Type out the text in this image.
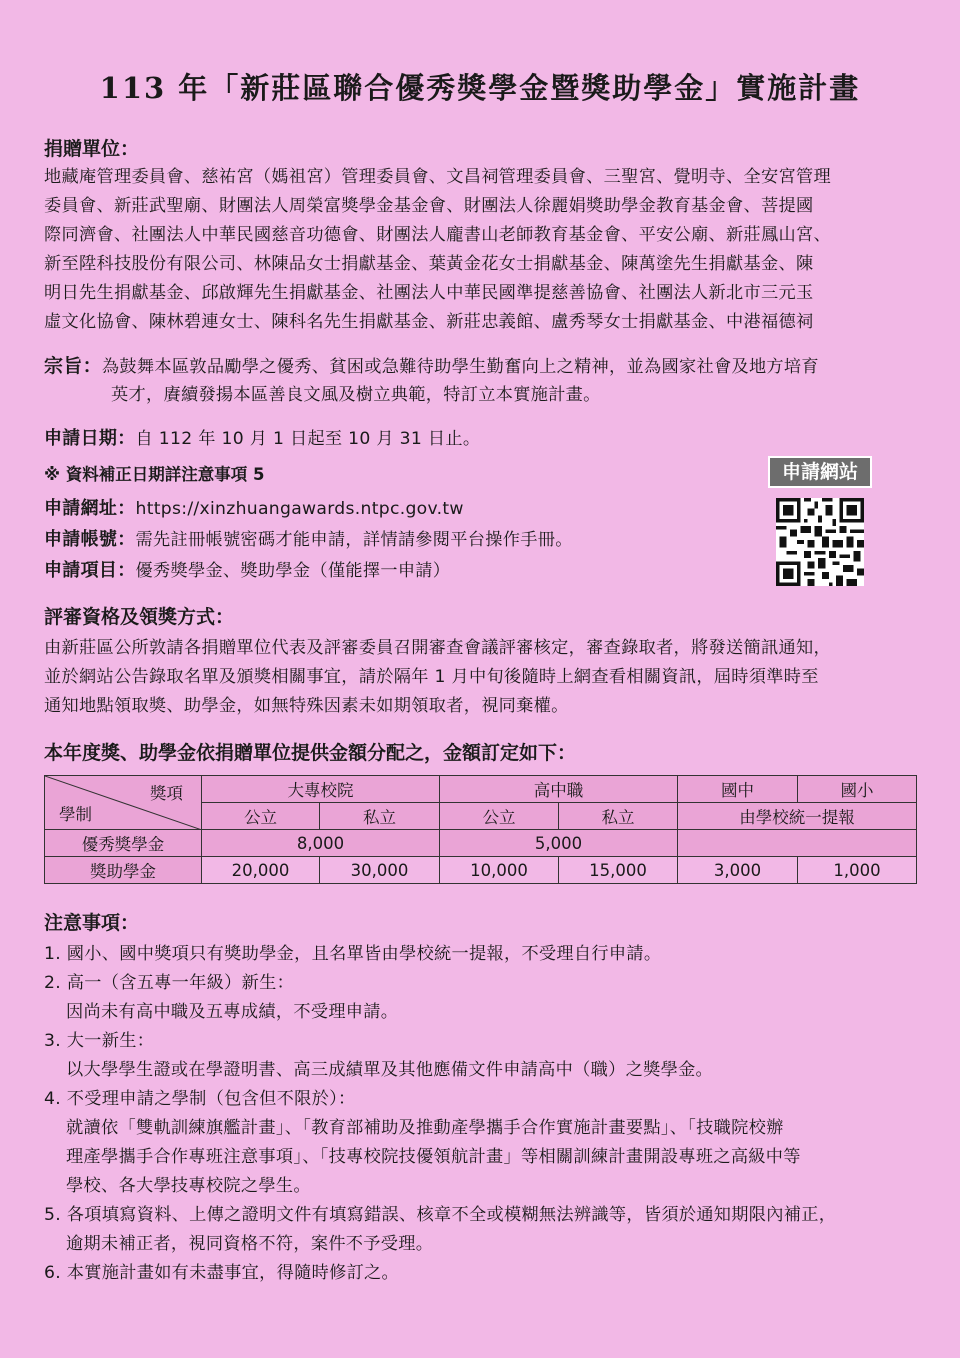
113 年「新莊區聯合優秀獎學金暨獎助學金」實施計畫
捐贈單位：
地藏庵管理委員會、慈祐宮（媽祖宮）管理委員會、文昌祠管理委員會、三聖宮、覺明寺、全安宮管理
委員會、新莊武聖廟、財團法人周榮富獎學金基金會、財團法人徐麗娟獎助學金教育基金會、菩提國
際同濟會、社團法人中華民國慈音功德會、財團法人龐書山老師教育基金會、平安公廟、新莊鳳山宮、
新至陞科技股份有限公司、林陳品女士捐獻基金、葉黃金花女士捐獻基金、陳萬塗先生捐獻基金、陳
明日先生捐獻基金、邱啟輝先生捐獻基金、社團法人中華民國準提慈善協會、社團法人新北市三元玉
虛文化協會、陳林碧連女士、陳科名先生捐獻基金、新莊忠義館、盧秀琴女士捐獻基金、中港福德祠
宗旨：為鼓舞本區敦品勵學之優秀、貧困或急難待助學生勤奮向上之精神，並為國家社會及地方培育
英才，賡續發揚本區善良文風及樹立典範，特訂立本實施計畫。
申請日期：自 112 年 10 月 1 日起至 10 月 31 日止。
※ 資料補正日期詳注意事項 5
申請網址：https://xinzhuangawards.ntpc.gov.tw
申請帳號：需先註冊帳號密碼才能申請，詳情請參閱平台操作手冊。
申請項目：優秀獎學金、獎助學金（僅能擇一申請）
申請網站
評審資格及領獎方式：
由新莊區公所敦請各捐贈單位代表及評審委員召開審查會議評審核定，審查錄取者，將發送簡訊通知，
並於網站公告錄取名單及頒獎相關事宜，請於隔年 1 月中旬後隨時上網查看相關資訊，屆時須準時至
通知地點領取獎、助學金，如無特殊因素未如期領取者，視同棄權。
本年度獎、助學金依捐贈單位提供金額分配之，金額訂定如下：
獎項
學制	大專校院		高中職		國中	國小
	公立	私立	公立	私立	由學校統一提報	
優秀獎學金	8,000		5,000			
獎助學金	20,000	30,000	10,000	15,000	3,000	1,000
注意事項：
1. 國小、國中獎項只有獎助學金，且名單皆由學校統一提報，不受理自行申請。
2. 高一（含五專一年級）新生：
因尚未有高中職及五專成績，不受理申請。
3. 大一新生：
以大學學生證或在學證明書、高三成績單及其他應備文件申請高中（職）之獎學金。
4. 不受理申請之學制（包含但不限於）：
就讀依「雙軌訓練旗艦計畫」、「教育部補助及推動產學攜手合作實施計畫要點」、「技職院校辦
理產學攜手合作專班注意事項」、「技專校院技優領航計畫」等相關訓練計畫開設專班之高級中等
學校、各大學技專校院之學生。
5. 各項填寫資料、上傳之證明文件有填寫錯誤、核章不全或模糊無法辨識等，皆須於通知期限內補正，
逾期未補正者，視同資格不符，案件不予受理。
6. 本實施計畫如有未盡事宜，得隨時修訂之。
